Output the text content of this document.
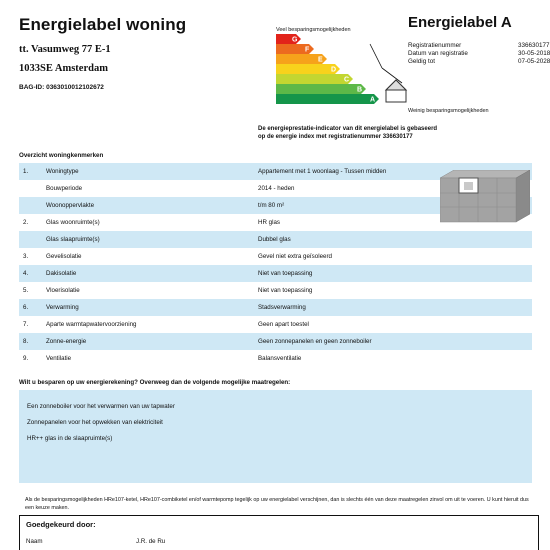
Energielabel woning
tt. Vasumweg 77 E-1
1033SE Amsterdam
BAG-ID: 0363010012102672
Veel besparingsmogelijkheden
Weinig besparingsmogelijkheden
G
F
E
D
C
B
A
Energielabel A
Registratienummer	336630177
Datum van registratie	30-05-2018
Geldig tot	07-05-2028
De energieprestatie-indicator van dit energielabel is gebaseerd
op de energie index met registratienummer 336630177
Overzicht woningkenmerken
1.	Woningtype	Appartement met 1 woonlaag - Tussen midden
Bouwperiode	2014 - heden
Woonoppervlakte	t/m 80 m²
2.	Glas woonruimte(s)	HR glas
Glas slaapruimte(s)	Dubbel glas
3.	Gevelisolatie	Gevel niet extra geïsoleerd
4.	Dakisolatie	Niet van toepassing
5.	Vloerisolatie	Niet van toepassing
6.	Verwarming	Stadsverwarming
7.	Aparte warmtapwatervoorziening	Geen apart toestel
8.	Zonne-energie	Geen zonnepanelen en geen zonneboiler
9.	Ventilatie	Balansventilatie
Wilt u besparen op uw energierekening? Overweeg dan de volgende mogelijke maatregelen:
Een zonneboiler voor het verwarmen van uw tapwater
Zonnepanelen voor het opwekken van elektriciteit
HR++ glas in de slaapruimte(s)
Als de besparingsmogelijkheden HRe107-ketel, HRe107-combiketel en/of warmtepomp tegelijk op uw energielabel verschijnen, dan is slechts één van deze maatregelen zinvol om uit te voeren. U kunt hieruit dus een keuze maken.
Goedgekeurd door:
Naam	J.R. de Ru
